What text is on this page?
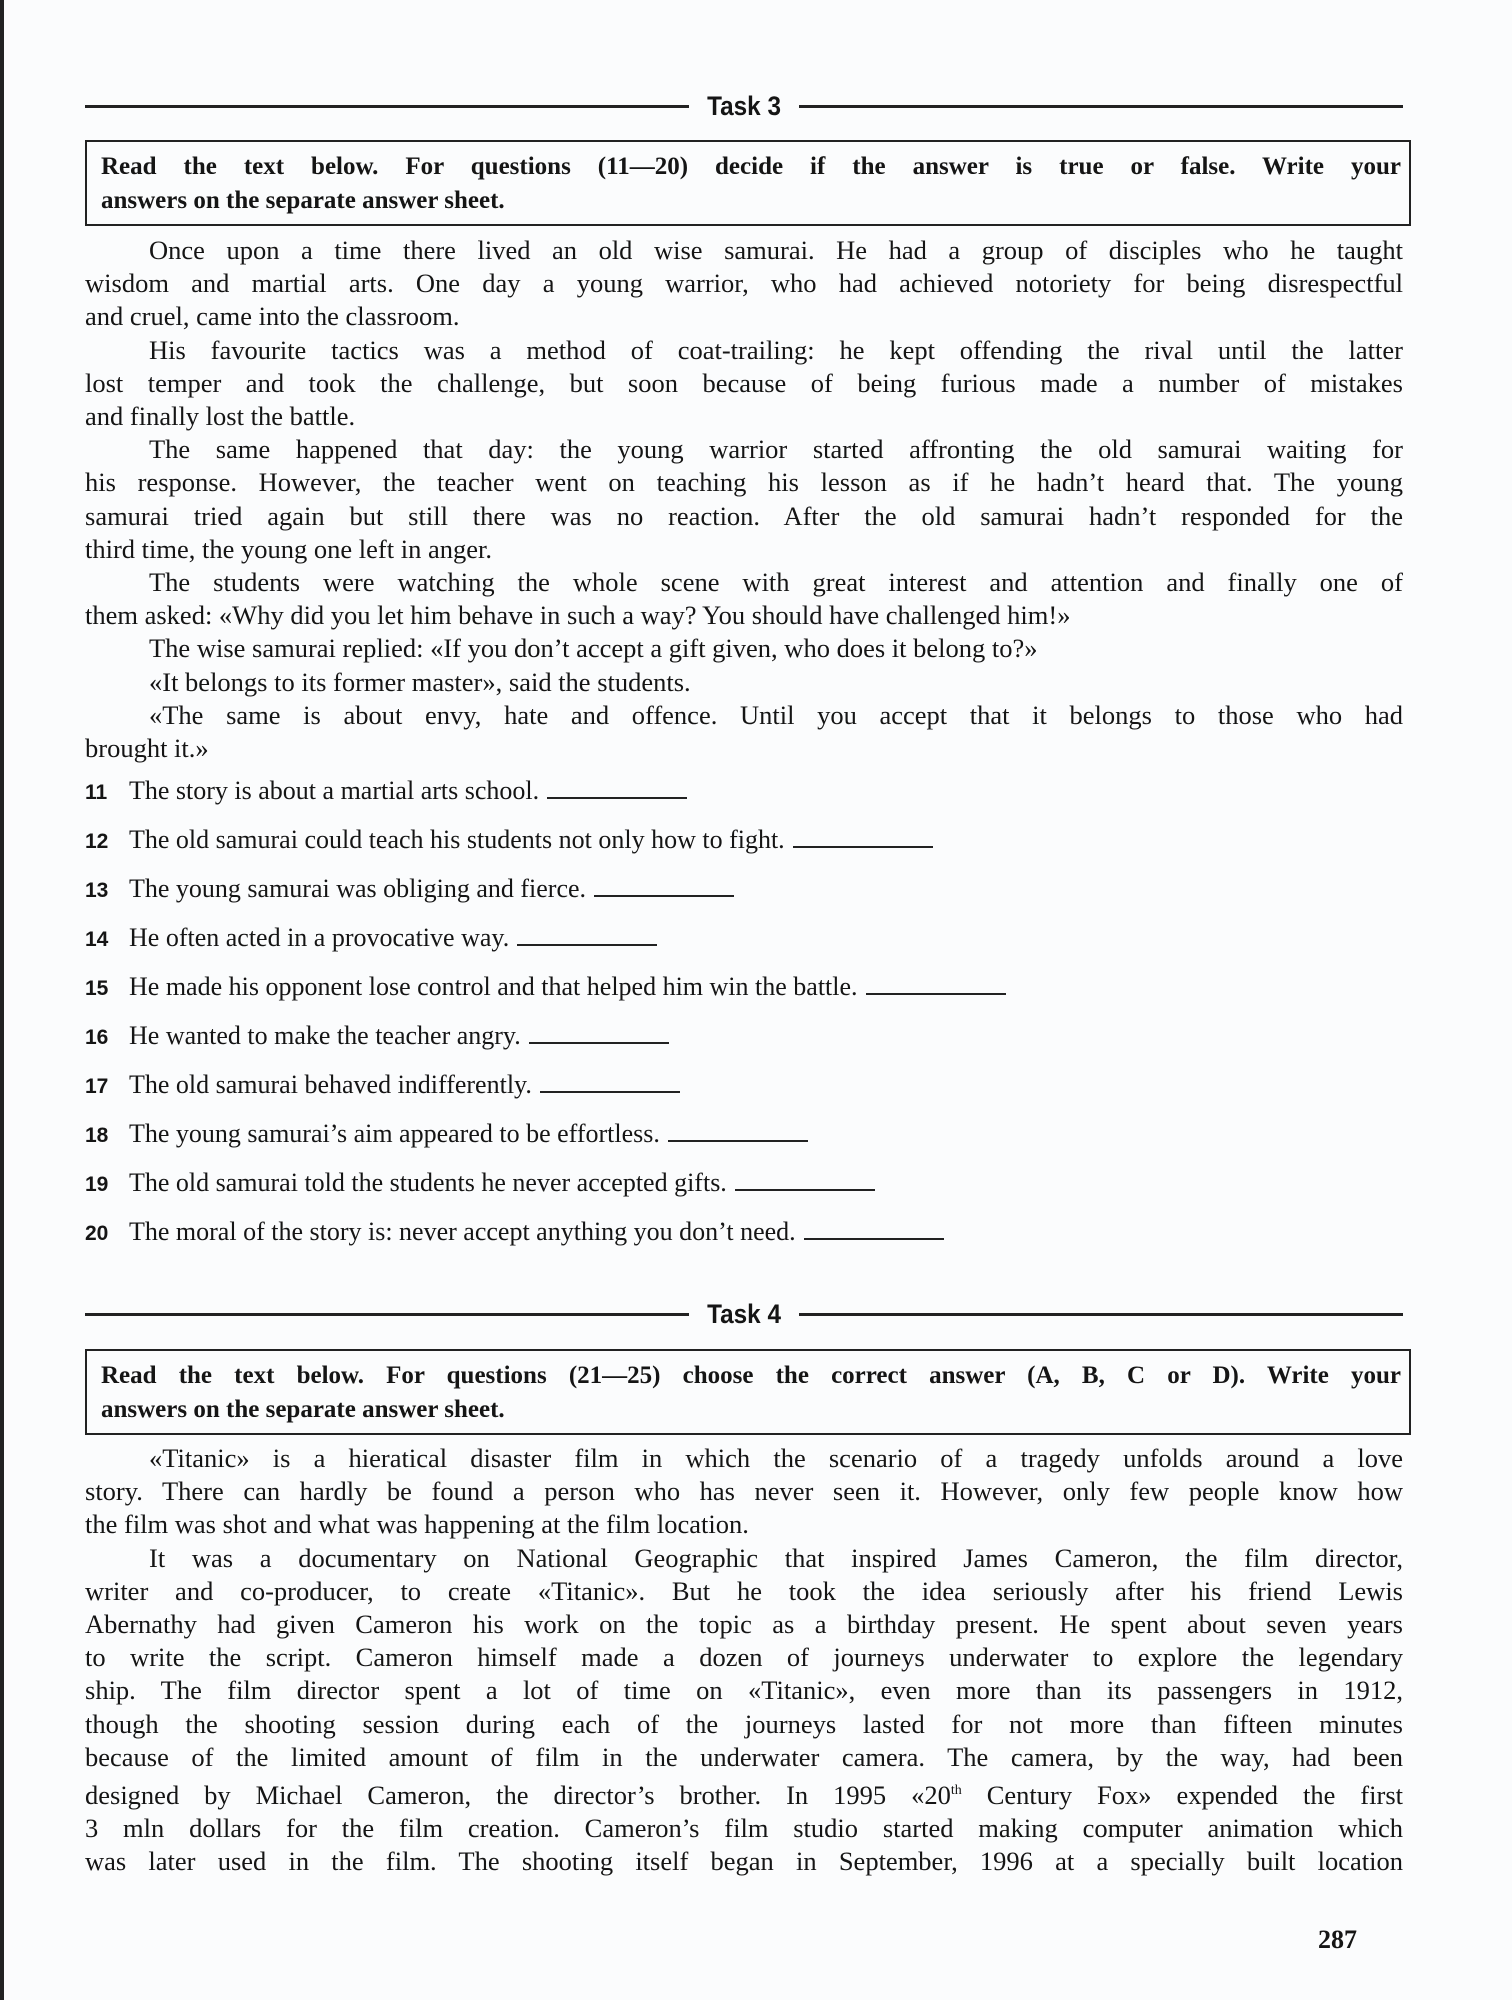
Task 3
Read the text below. For questions (11—20) decide if the answer is true or false. Write your
answers on the separate answer sheet.
Once upon a time there lived an old wise samurai. He had a group of disciples who he taught
wisdom and martial arts. One day a young warrior, who had achieved notoriety for being disrespectful
and cruel, came into the classroom.
His favourite tactics was a method of coat-trailing: he kept offending the rival until the latter
lost temper and took the challenge, but soon because of being furious made a number of mistakes
and finally lost the battle.
The same happened that day: the young warrior started affronting the old samurai waiting for
his response. However, the teacher went on teaching his lesson as if he hadn’t heard that. The young
samurai tried again but still there was no reaction. After the old samurai hadn’t responded for the
third time, the young one left in anger.
The students were watching the whole scene with great interest and attention and finally one of
them asked: «Why did you let him behave in such a way? You should have challenged him!»
The wise samurai replied: «If you don’t accept a gift given, who does it belong to?»
«It belongs to its former master», said the students.
«The same is about envy, hate and offence. Until you accept that it belongs to those who had
brought it.»
11 The story is about a martial arts school.
12 The old samurai could teach his students not only how to fight.
13 The young samurai was obliging and fierce.
14 He often acted in a provocative way.
15 He made his opponent lose control and that helped him win the battle.
16 He wanted to make the teacher angry.
17 The old samurai behaved indifferently.
18 The young samurai’s aim appeared to be effortless.
19 The old samurai told the students he never accepted gifts.
20 The moral of the story is: never accept anything you don’t need.
Task 4
Read the text below. For questions (21—25) choose the correct answer (A, B, C or D). Write your
answers on the separate answer sheet.
«Titanic» is a hieratical disaster film in which the scenario of a tragedy unfolds around a love
story. There can hardly be found a person who has never seen it. However, only few people know how
the film was shot and what was happening at the film location.
It was a documentary on National Geographic that inspired James Cameron, the film director,
writer and co-producer, to create «Titanic». But he took the idea seriously after his friend Lewis
Abernathy had given Cameron his work on the topic as a birthday present. He spent about seven years
to write the script. Cameron himself made a dozen of journeys underwater to explore the legendary
ship. The film director spent a lot of time on «Titanic», even more than its passengers in 1912,
though the shooting session during each of the journeys lasted for not more than fifteen minutes
because of the limited amount of film in the underwater camera. The camera, by the way, had been
designed by Michael Cameron, the director’s brother. In 1995 «20th Century Fox» expended the first
3 mln dollars for the film creation. Cameron’s film studio started making computer animation which
was later used in the film. The shooting itself began in September, 1996 at a specially built location
287
